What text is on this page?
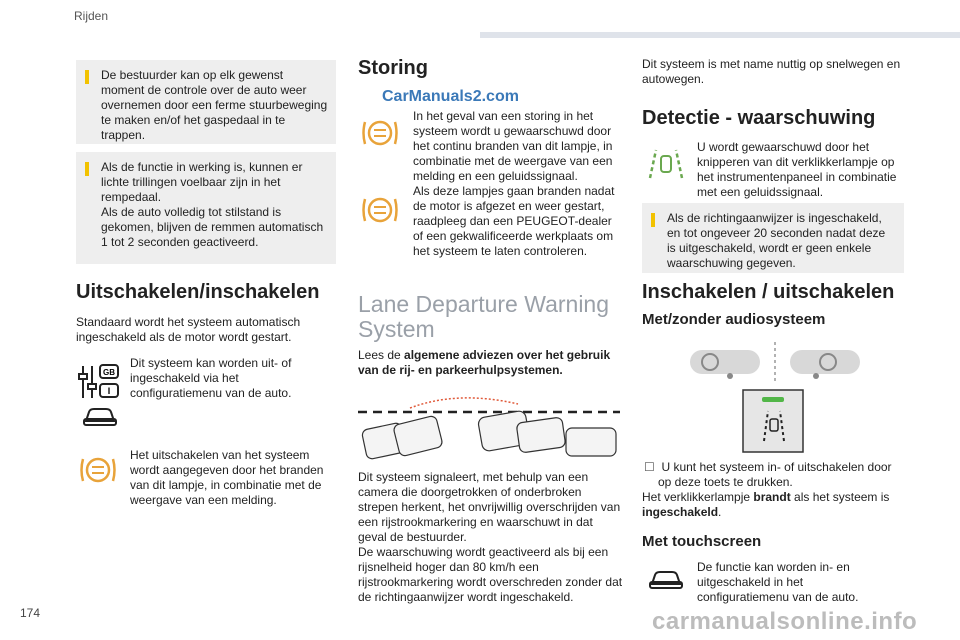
Rijden
De bestuurder kan op elk gewenst moment de controle over de auto weer overnemen door een ferme stuurbeweging te maken en/of het gaspedaal in te trappen.
Als de functie in werking is, kunnen er lichte trillingen voelbaar zijn in het rempedaal.
Als de auto volledig tot stilstand is gekomen, blijven de remmen automatisch 1 tot 2 seconden geactiveerd.
Uitschakelen/inschakelen
Standaard wordt het systeem automatisch ingeschakeld als de motor wordt gestart.
GB
I
Dit systeem kan worden uit- of ingeschakeld via het configuratiemenu van de auto.
Het uitschakelen van het systeem wordt aangegeven door het branden van dit lampje, in combinatie met de weergave van een melding.
Storing
CarManuals2.com
In het geval van een storing in het systeem wordt u gewaarschuwd door het continu branden van dit lampje, in combinatie met de weergave van een melding en een geluidssignaal.
Als deze lampjes gaan branden nadat de motor is afgezet en weer gestart, raadpleeg dan een PEUGEOT-dealer of een gekwalificeerde werkplaats om het systeem te laten controleren.
Lane Departure Warning System
Lees de algemene adviezen over het gebruik van de rij- en parkeerhulpsystemen.
Dit systeem signaleert, met behulp van een camera die doorgetrokken of onderbroken strepen herkent, het onvrijwillig overschrijden van een rijstrookmarkering en waarschuwt in dat geval de bestuurder.
De waarschuwing wordt geactiveerd als bij een rijsnelheid hoger dan 80 km/h een rijstrookmarkering wordt overschreden zonder dat de richtingaanwijzer wordt ingeschakeld.
Dit systeem is met name nuttig op snelwegen en autowegen.
Detectie - waarschuwing
U wordt gewaarschuwd door het knipperen van dit verklikkerlampje op het instrumentenpaneel in combinatie met een geluidssignaal.
Als de richtingaanwijzer is ingeschakeld, en tot ongeveer 20 seconden nadat deze is uitgeschakeld, wordt er geen enkele waarschuwing gegeven.
Inschakelen / uitschakelen
Met/zonder audiosysteem
☐ U kunt het systeem in- of uitschakelen door op deze toets te drukken.
Het verklikkerlampje brandt als het systeem is ingeschakeld.
Met touchscreen
De functie kan worden in- en uitgeschakeld in het configuratiemenu van de auto.
174	carmanualsonline.info
